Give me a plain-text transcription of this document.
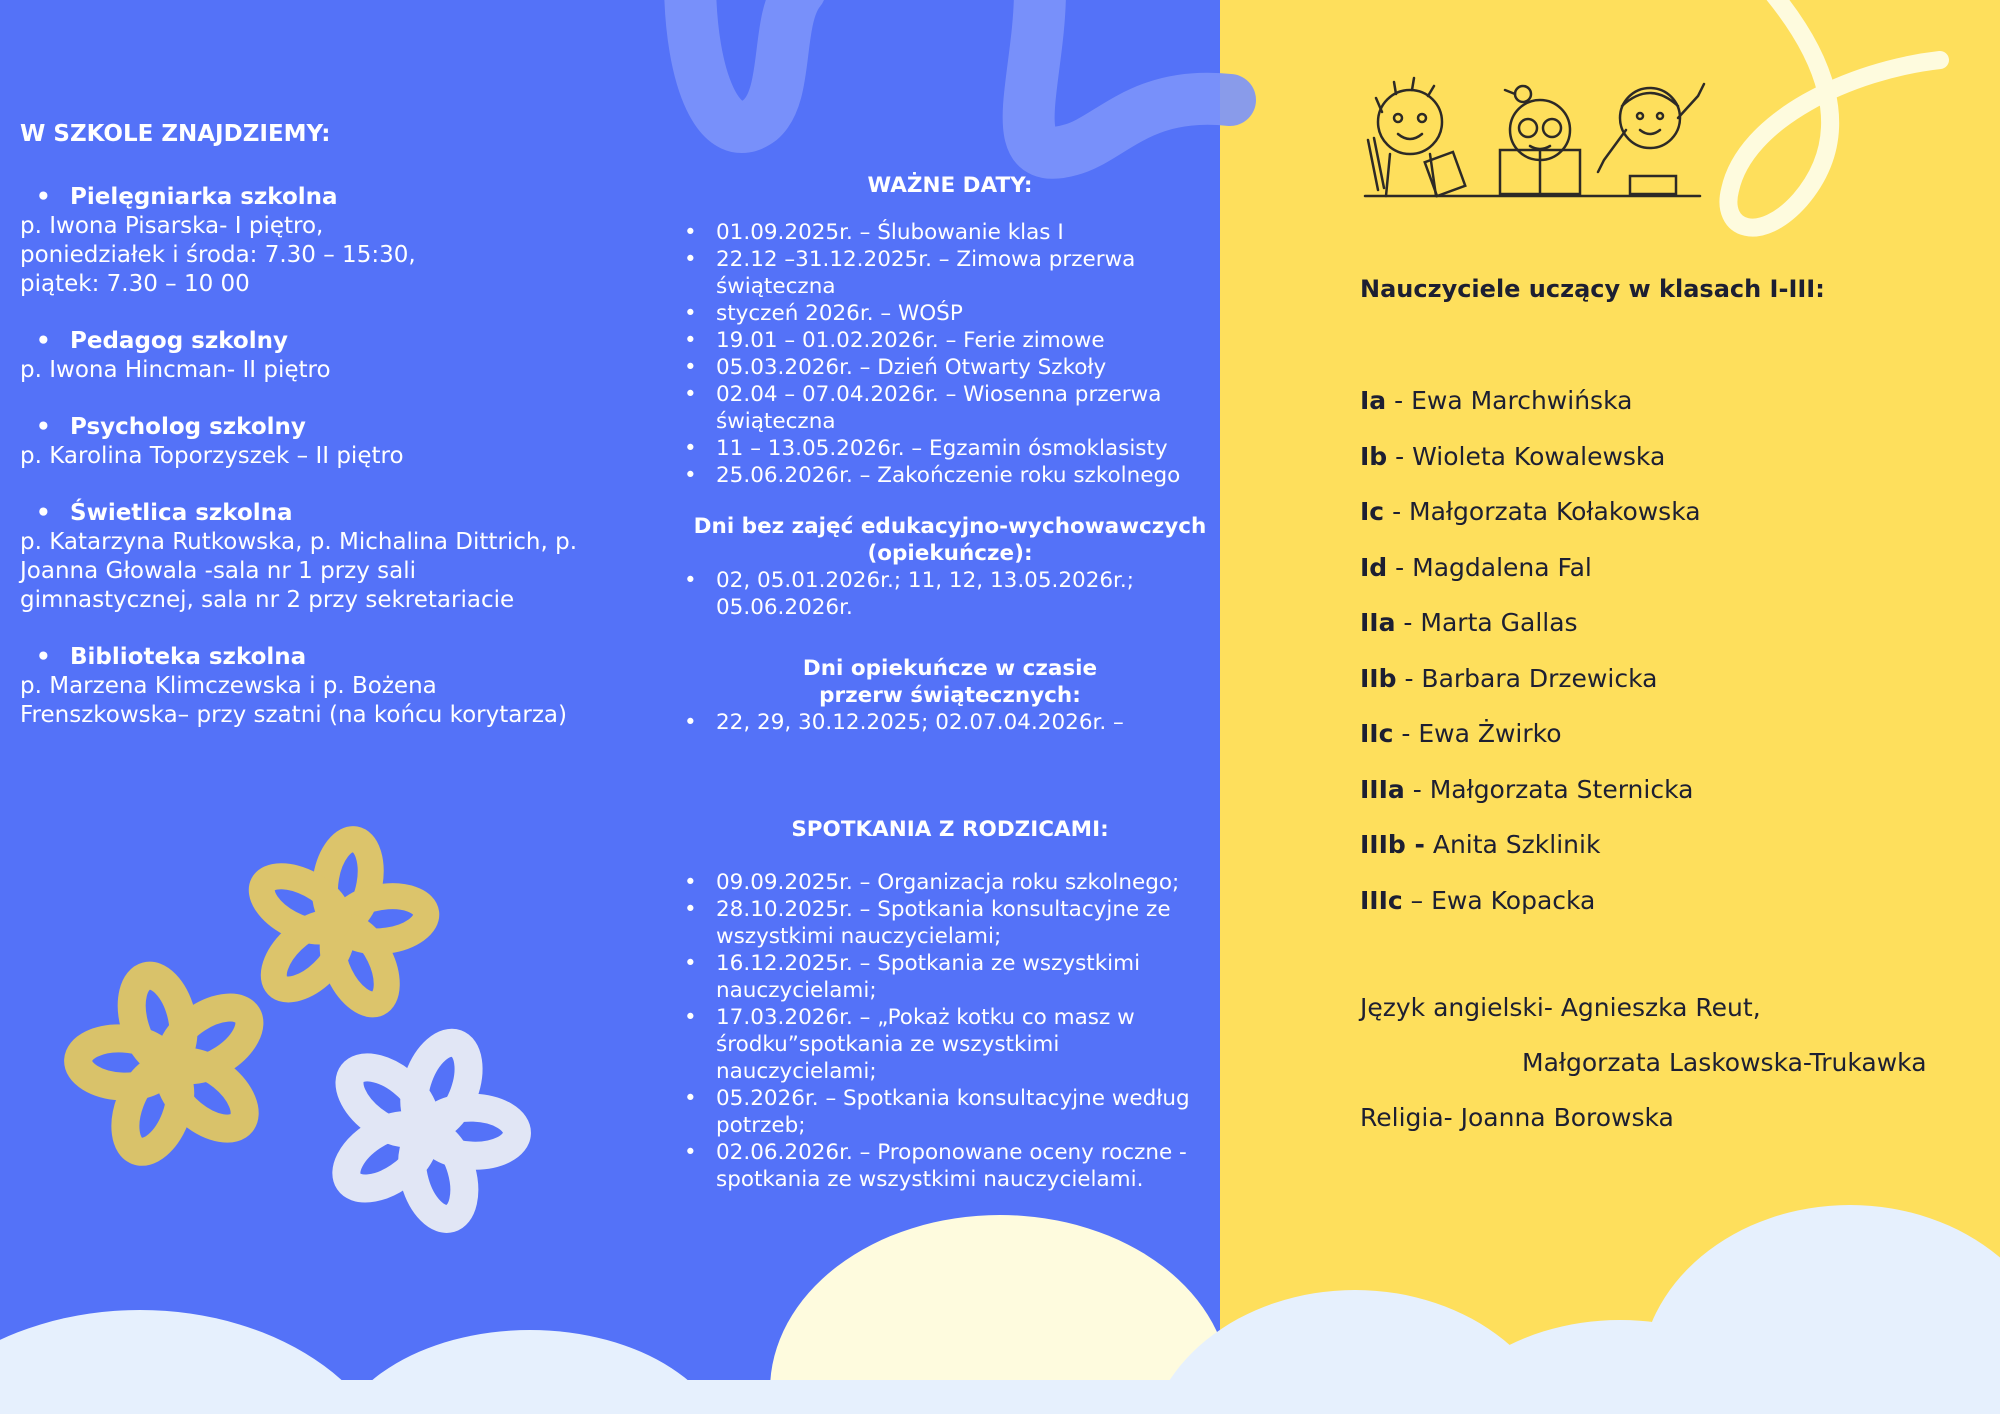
W SZKOLE ZNAJDZIEMY:
• Pielęgniarka szkolna
p. Iwona Pisarska- I piętro,
poniedziałek i środa: 7.30 – 15:30,
piątek: 7.30 – 10 00
• Pedagog szkolny
p. Iwona Hincman- II piętro
• Psycholog szkolny
p. Karolina Toporzyszek – II piętro
• Świetlica szkolna
p. Katarzyna Rutkowska, p. Michalina Dittrich, p.
Joanna Głowala -sala nr 1 przy sali
gimnastycznej, sala nr 2 przy sekretariacie
• Biblioteka szkolna
p. Marzena Klimczewska i p. Bożena
Frenszkowska– przy szatni (na końcu korytarza)
WAŻNE DATY:
• 01.09.2025r. – Ślubowanie klas I
• 22.12 –31.12.2025r. – Zimowa przerwa świąteczna
• styczeń 2026r. – WOŚP
• 19.01 – 01.02.2026r. – Ferie zimowe
• 05.03.2026r. – Dzień Otwarty Szkoły
• 02.04 – 07.04.2026r. – Wiosenna przerwa świąteczna
• 11 – 13.05.2026r. – Egzamin ósmoklasisty
• 25.06.2026r. – Zakończenie roku szkolnego
Dni bez zajęć edukacyjno-wychowawczych (opiekuńcze):
• 02, 05.01.2026r.; 11, 12, 13.05.2026r.; 05.06.2026r.
Dni opiekuńcze w czasie przerw świątecznych:
• 22, 29, 30.12.2025; 02.07.04.2026r. –
SPOTKANIA Z RODZICAMI:
• 09.09.2025r. – Organizacja roku szkolnego;
• 28.10.2025r. – Spotkania konsultacyjne ze wszystkimi nauczycielami;
• 16.12.2025r. – Spotkania ze wszystkimi nauczycielami;
• 17.03.2026r. – „Pokaż kotku co masz w środku”spotkania ze wszystkimi nauczycielami;
• 05.2026r. – Spotkania konsultacyjne według potrzeb;
• 02.06.2026r. – Proponowane oceny roczne - spotkania ze wszystkimi nauczycielami.
Nauczyciele uczący w klasach I-III:
Ia - Ewa Marchwińska
Ib - Wioleta Kowalewska
Ic - Małgorzata Kołakowska
Id - Magdalena Fal
IIa - Marta Gallas
IIb - Barbara Drzewicka
IIc - Ewa Żwirko
IIIa - Małgorzata Sternicka
IIIb - Anita Szklinik
IIIc – Ewa Kopacka
Język angielski- Agnieszka Reut,
Małgorzata Laskowska-Trukawka
Religia- Joanna Borowska
